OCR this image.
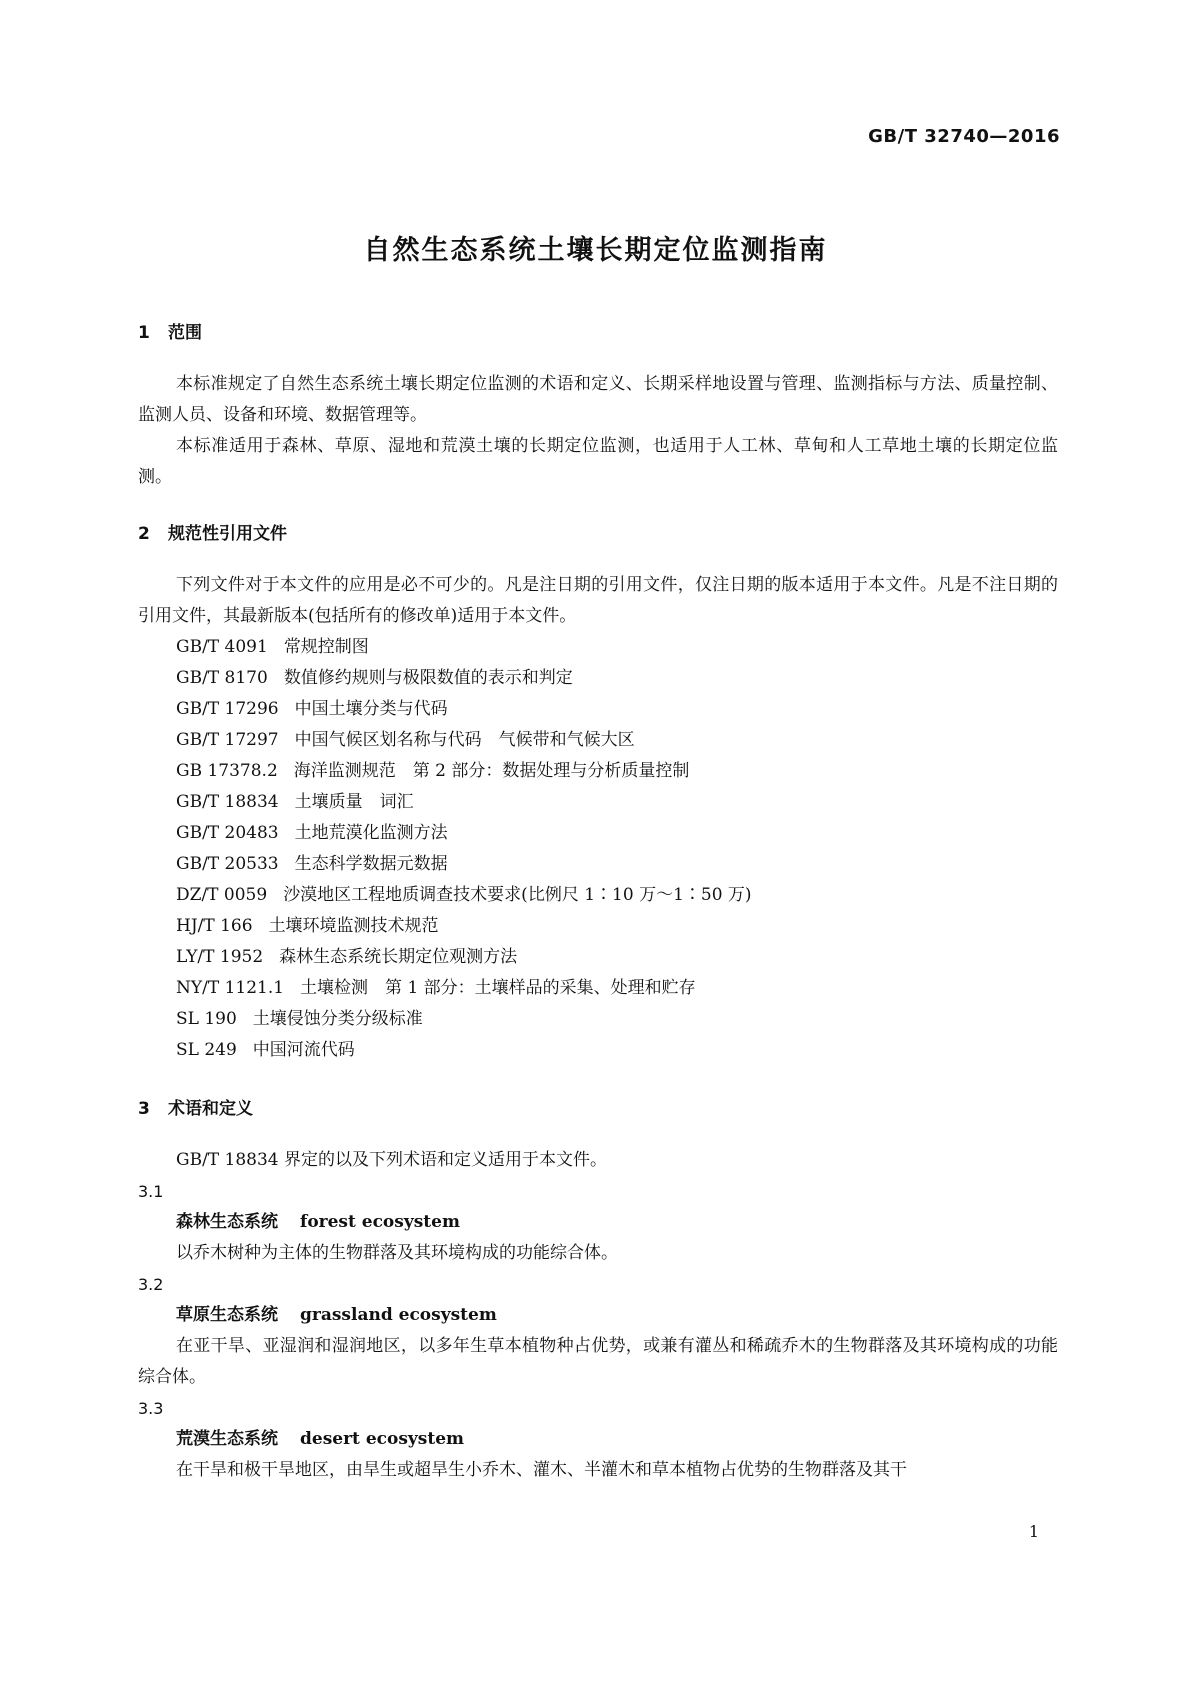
GB/T 32740—2016
自然生态系统土壤长期定位监测指南
1 范围
本标准规定了自然生态系统土壤长期定位监测的术语和定义、长期采样地设置与管理、监测指标与方法、质量控制、监测人员、设备和环境、数据管理等。
本标准适用于森林、草原、湿地和荒漠土壤的长期定位监测，也适用于人工林、草甸和人工草地土壤的长期定位监测。
2 规范性引用文件
下列文件对于本文件的应用是必不可少的。凡是注日期的引用文件，仅注日期的版本适用于本文件。凡是不注日期的引用文件，其最新版本(包括所有的修改单)适用于本文件。
GB/T 4091 常规控制图
GB/T 8170 数值修约规则与极限数值的表示和判定
GB/T 17296 中国土壤分类与代码
GB/T 17297 中国气候区划名称与代码　气候带和气候大区
GB 17378.2 海洋监测规范　第 2 部分：数据处理与分析质量控制
GB/T 18834 土壤质量　词汇
GB/T 20483 土地荒漠化监测方法
GB/T 20533 生态科学数据元数据
DZ/T 0059 沙漠地区工程地质调查技术要求(比例尺 1∶10 万～1∶50 万)
HJ/T 166 土壤环境监测技术规范
LY/T 1952 森林生态系统长期定位观测方法
NY/T 1121.1 土壤检测　第 1 部分：土壤样品的采集、处理和贮存
SL 190 土壤侵蚀分类分级标准
SL 249 中国河流代码
3 术语和定义
GB/T 18834 界定的以及下列术语和定义适用于本文件。
3.1
森林生态系统 forest ecosystem
以乔木树种为主体的生物群落及其环境构成的功能综合体。
3.2
草原生态系统 grassland ecosystem
在亚干旱、亚湿润和湿润地区，以多年生草本植物种占优势，或兼有灌丛和稀疏乔木的生物群落及其环境构成的功能综合体。
3.3
荒漠生态系统 desert ecosystem
在干旱和极干旱地区，由旱生或超旱生小乔木、灌木、半灌木和草本植物占优势的生物群落及其干
1
